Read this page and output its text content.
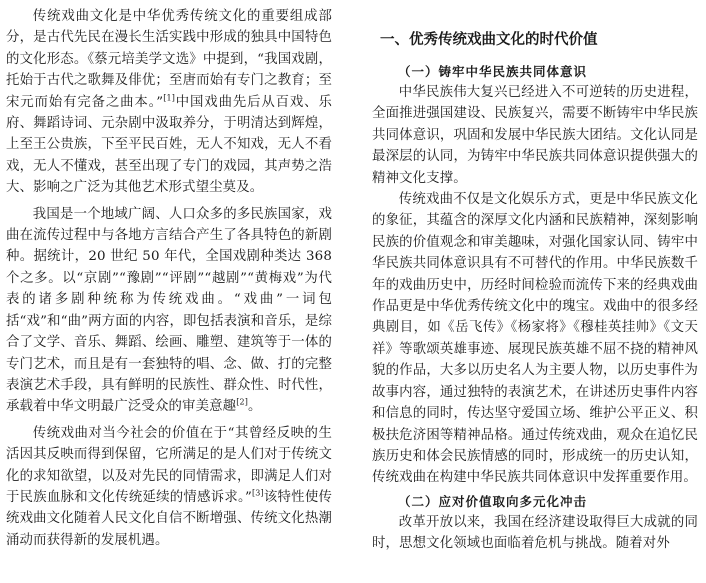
传统戏曲文化是中华优秀传统文化的重要组成部分，是古代先民在漫长生活实践中形成的独具中国特色的文化形态。《蔡元培美学文选》中提到，“我国戏剧，托始于古代之歌舞及俳优；至唐而始有专门之教育；至宋元而始有完备之曲本。”[1]中国戏曲先后从百戏、乐府、舞蹈诗词、元杂剧中汲取养分，于明清达到辉煌，上至王公贵族，下至平民百姓，无人不知戏，无人不看戏，无人不懂戏，甚至出现了专门的戏园，其声势之浩大、影响之广泛为其他艺术形式望尘莫及。

我国是一个地域广阔、人口众多的多民族国家，戏曲在流传过程中与各地方言结合产生了各具特色的新剧种。据统计，20 世纪 50 年代，全国戏剧种类达 368 个之多。以“京剧”“豫剧”“评剧”“越剧”“黄梅戏”为代表的诸多剧种统称为传统戏曲。“戏曲”一词包括“戏”和“曲”两方面的内容，即包括表演和音乐，是综合了文学、音乐、舞蹈、绘画、雕塑、建筑等于一体的专门艺术，而且是有一套独特的唱、念、做、打的完整表演艺术手段，具有鲜明的民族性、群众性、时代性，承载着中华文明最广泛受众的审美意趣[2]。

传统戏曲对当今社会的价值在于“其曾经反映的生活因其反映而得到保留，它所满足的是人们对于传统文化的求知欲望，以及对先民的同情需求，即满足人们对于民族血脉和文化传统延续的情感诉求。”[3]该特性使传统戏曲文化随着人民文化自信不断增强、传统文化热潮涌动而获得新的发展机遇。

一、优秀传统戏曲文化的时代价值
（一）铸牢中华民族共同体意识

中华民族伟大复兴已经进入不可逆转的历史进程，全面推进强国建设、民族复兴，需要不断铸牢中华民族共同体意识，巩固和发展中华民族大团结。文化认同是最深层的认同，为铸牢中华民族共同体意识提供强大的精神文化支撑。

传统戏曲不仅是文化娱乐方式，更是中华民族文化的象征，其蕴含的深厚文化内涵和民族精神，深刻影响民族的价值观念和审美趣味，对强化国家认同、铸牢中华民族共同体意识具有不可替代的作用。中华民族数千年的戏曲历史中，历经时间检验而流传下来的经典戏曲作品更是中华优秀传统文化中的瑰宝。戏曲中的很多经典剧目，如《岳飞传》《杨家将》《穆桂英挂帅》《文天祥》等歌颂英雄事迹、展现民族英雄不屈不挠的精神风貌的作品，大多以历史名人为主要人物，以历史事件为故事内容，通过独特的表演艺术，在讲述历史事件内容和信息的同时，传达坚守爱国立场、维护公平正义、积极扶危济困等精神品格。通过传统戏曲，观众在追忆民族历史和体会民族情感的同时，形成统一的历史认知，传统戏曲在构建中华民族共同体意识中发挥重要作用。

（二）应对价值取向多元化冲击

改革开放以来，我国在经济建设取得巨大成就的同时，思想文化领域也面临着危机与挑战。随着对外
